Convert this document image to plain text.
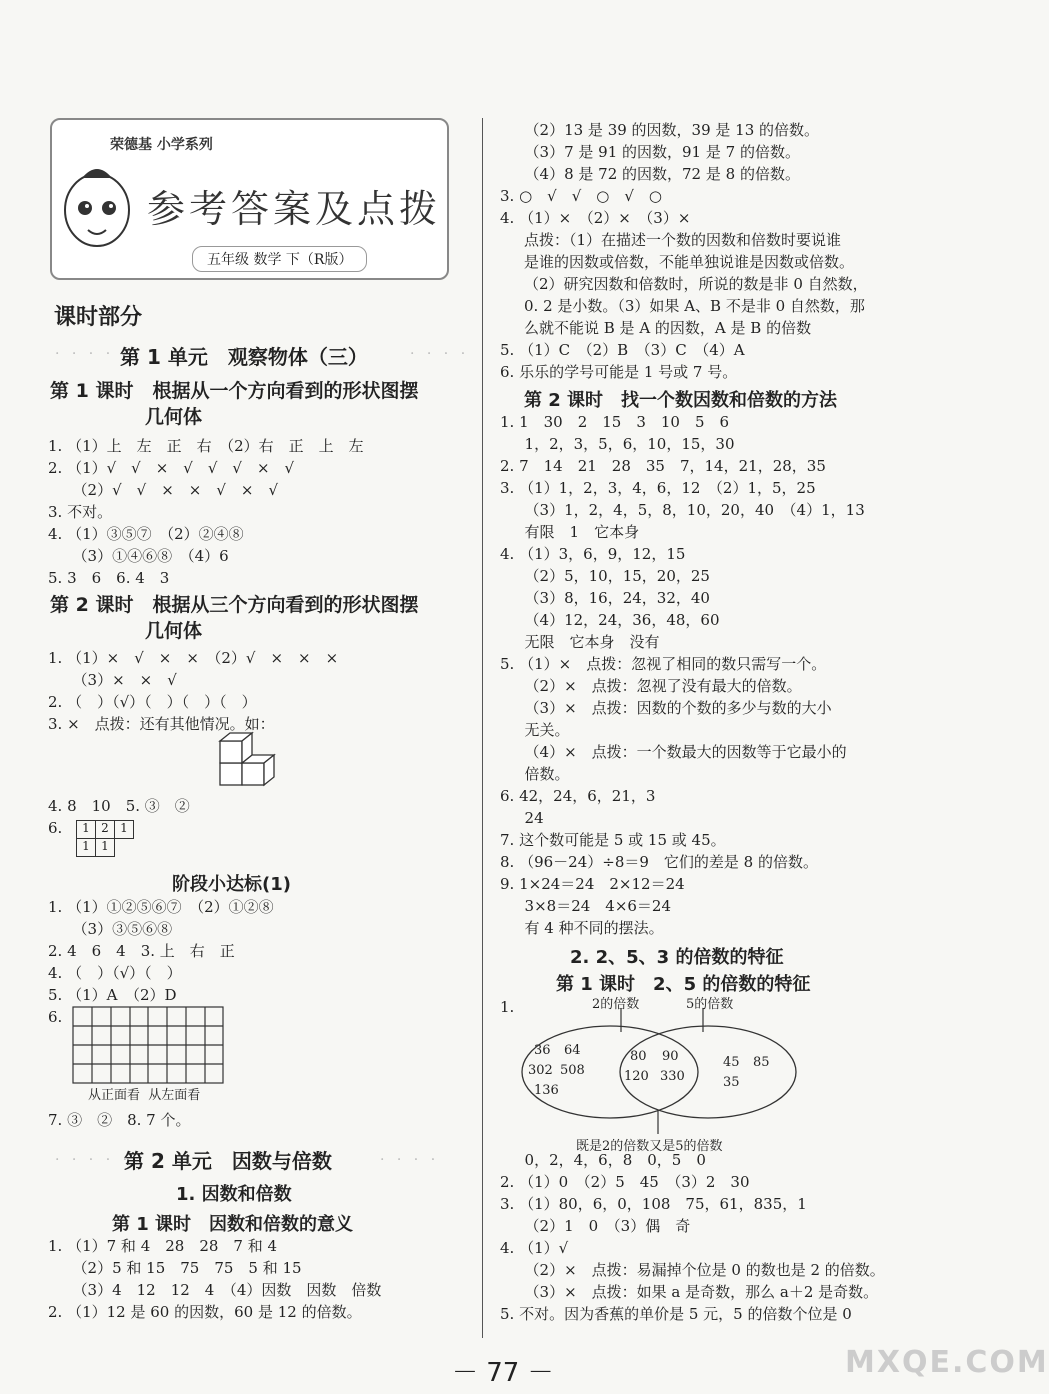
荣德基 小学系列
参考答案及点拨
五年级 数学 下（R版）
课时部分
· · · · ·
第 1 单元　观察物体（三）	· · · ·
第 1 课时　根据从一个方向看到的形状图摆
　　　　　几何体
1. （1）上　左　正　右　（2）右　正　上　左
2. （1）√　√　×　√　√　√　×　√
　  （2）√　√　×　×　√　×　√
3. 不对。
4. （1）③⑤⑦　（2）②④⑧
　  （3）①④⑥⑧　（4）6
5. 3　6　6. 4　3
第 2 课时　根据从三个方向看到的形状图摆
　　　　　几何体
1. （1）×　√　×　×　（2）√　×　×　×
　  （3）×　×　√
2. （　）（√）（　）（　）（　）
3. ×　点拨：还有其他情况。如：
4. 8　10　5. ③　②
6.	1 2 1
1 1
阶段小达标(1)
1. （1）①②⑤⑥⑦　（2）①②⑧
　  （3）③⑤⑥⑧
2. 4　6　4　3. 上　右　正
4. （　）（√）（　）
5. （1）A　（2）D
6.
从正面看  从左面看
7. ③　②　8. 7 个。
· · · · ·
第 2 单元　因数与倍数	· · · ·
1. 因数和倍数
第 1 课时　因数和倍数的意义
1. （1）7 和 4　28　28　7 和 4
　  （2）5 和 15　75　75　5 和 15
　  （3）4　12　12　4　（4）因数　因数　倍数
2. （1）12 是 60 的因数，60 是 12 的倍数。
　  （2）13 是 39 的因数，39 是 13 的倍数。
　  （3）7 是 91 的因数，91 是 7 的倍数。
　  （4）8 是 72 的因数，72 是 8 的倍数。
3. ○　√　√　○　√　○
4. （1）×　（2）×　（3）×
点拨：（1）在描述一个数的因数和倍数时要说谁
是谁的因数或倍数，不能单独说谁是因数或倍数。
（2）研究因数和倍数时，所说的数是非 0 自然数，
0. 2 是小数。（3）如果 A、B 不是非 0 自然数，那
么就不能说 B 是 A 的因数，A 是 B 的倍数
5. （1）C　（2）B　（3）C　（4）A
6. 乐乐的学号可能是 1 号或 7 号。
第 2 课时　找一个数因数和倍数的方法
1. 1　30　2　15　3　10　5　6
　  1，2，3，5，6，10，15，30
2. 7　14　21　28　35　7，14，21，28，35
3. （1）1，2，3，4，6，12　（2）1，5，25
　  （3）1，2，4，5，8，10，20，40　（4）1，13
　  有限　1　它本身
4. （1）3，6，9，12，15
　  （2）5，10，15，20，25
　  （3）8，16，24，32，40
　  （4）12，24，36，48，60
　  无限　它本身　没有
5. （1）×　点拨：忽视了相同的数只需写一个。
　  （2）×　点拨：忽视了没有最大的倍数。
　  （3）×　点拨：因数的个数的多少与数的大小
　  无关。
　  （4）×　点拨：一个数最大的因数等于它最小的
　  倍数。
6. 42，24，6，21，3
　  24
7. 这个数可能是 5 或 15 或 45。
8. （96－24）÷8＝9　它们的差是 8 的倍数。
9. 1×24＝24　2×12＝24
　  3×8＝24　4×6＝24
　  有 4 种不同的摆法。
2. 2、5、3 的倍数的特征
第 1 课时　2、5 的倍数的特征
1.	2的倍数	5的倍数
36 64
302 508
136
80 90
120 330
45 85
35
既是2的倍数又是5的倍数
　  0，2，4，6，8　0，5　0
2. （1）0　（2）5　45　（3）2　30
3. （1）80，6，0，108　75，61，835，1
　  （2）1　0　（3）偶　奇
4. （1）√
　  （2）×　点拨：易漏掉个位是 0 的数也是 2 的倍数。
　  （3）×　点拨：如果 a 是奇数，那么 a＋2 是奇数。
5. 不对。因为香蕉的单价是 5 元，5 的倍数个位是 0
－ 77 －	MXQE.COM
